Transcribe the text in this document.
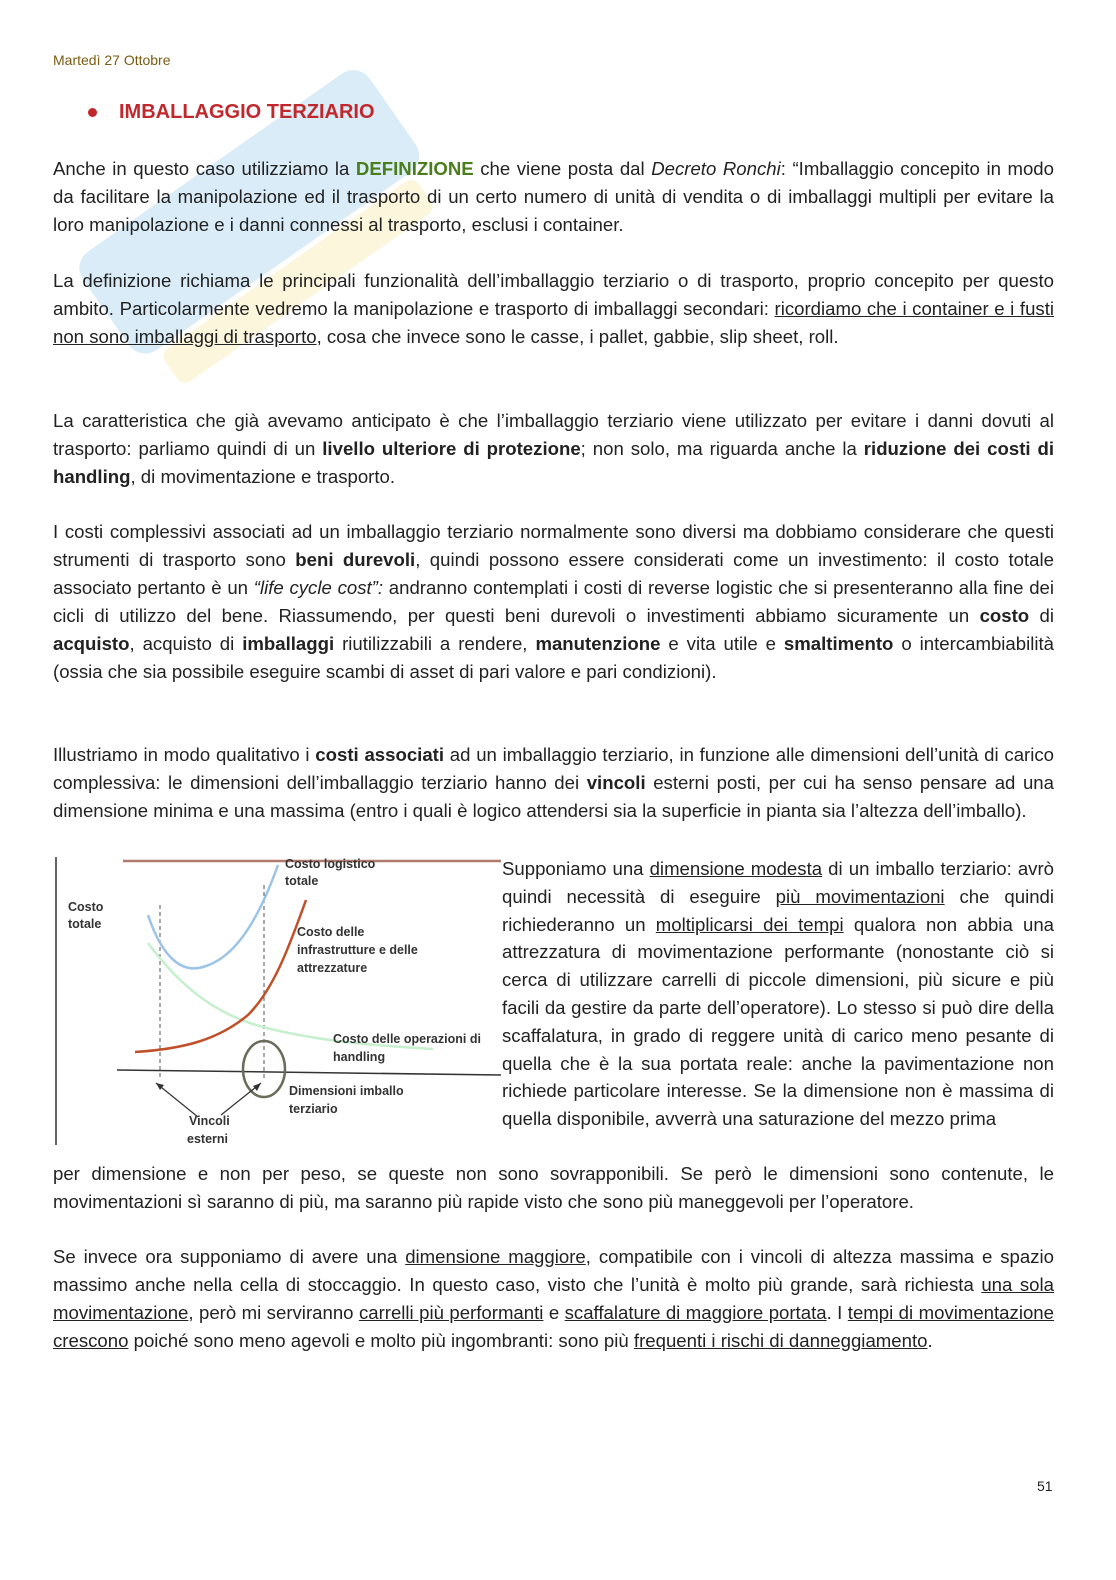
Martedì 27 Ottobre
IMBALLAGGIO TERZIARIO

Anche in questo caso utilizziamo la DEFINIZIONE che viene posta dal Decreto Ronchi: “Imballaggio concepito in modo da facilitare la manipolazione ed il trasporto di un certo numero di unità di vendita o di imballaggi multipli per evitare la loro manipolazione e i danni connessi al trasporto, esclusi i container.

La definizione richiama le principali funzionalità dell’imballaggio terziario o di trasporto, proprio concepito per questo ambito. Particolarmente vedremo la manipolazione e trasporto di imballaggi secondari: ricordiamo che i container e i fusti non sono imballaggi di trasporto, cosa che invece sono le casse, i pallet, gabbie, slip sheet, roll.

La caratteristica che già avevamo anticipato è che l’imballaggio terziario viene utilizzato per evitare i danni dovuti al trasporto: parliamo quindi di un livello ulteriore di protezione; non solo, ma riguarda anche la riduzione dei costi di handling, di movimentazione e trasporto.

I costi complessivi associati ad un imballaggio terziario normalmente sono diversi ma dobbiamo considerare che questi strumenti di trasporto sono beni durevoli, quindi possono essere considerati come un investimento: il costo totale associato pertanto è un “life cycle cost”: andranno contemplati i costi di reverse logistic che si presenteranno alla fine dei cicli di utilizzo del bene. Riassumendo, per questi beni durevoli o investimenti abbiamo sicuramente un costo di acquisto, acquisto di imballaggi riutilizzabili a rendere, manutenzione e vita utile e smaltimento o intercambiabilità (ossia che sia possibile eseguire scambi di asset di pari valore e pari condizioni).

Illustriamo in modo qualitativo i costi associati ad un imballaggio terziario, in funzione alle dimensioni dell’unità di carico complessiva: le dimensioni dell’imballaggio terziario hanno dei vincoli esterni posti, per cui ha senso pensare ad una dimensione minima e una massima (entro i quali è logico attendersi sia la superficie in pianta sia l’altezza dell’imballo).

Costo
totale
Costo logistico
totale
Costo delle
infrastrutture e delle
attrezzature
Costo delle operazioni di
handling
Dimensioni imballo
terziario
Vincoli
esterni

Supponiamo una dimensione modesta di un imballo terziario: avrò quindi necessità di eseguire più movimentazioni che quindi richiederanno un moltiplicarsi dei tempi qualora non abbia una attrezzatura di movimentazione performante (nonostante ciò si cerca di utilizzare carrelli di piccole dimensioni, più sicure e più facili da gestire da parte dell’operatore). Lo stesso si può dire della scaffalatura, in grado di reggere unità di carico meno pesante di quella che è la sua portata reale: anche la pavimentazione non richiede particolare interesse. Se la dimensione non è massima di quella disponibile, avverrà una saturazione del mezzo prima

per dimensione e non per peso, se queste non sono sovrapponibili. Se però le dimensioni sono contenute, le movimentazioni sì saranno di più, ma saranno più rapide visto che sono più maneggevoli per l’operatore.

Se invece ora supponiamo di avere una dimensione maggiore, compatibile con i vincoli di altezza massima e spazio massimo anche nella cella di stoccaggio. In questo caso, visto che l’unità è molto più grande, sarà richiesta una sola movimentazione, però mi serviranno carrelli più performanti e scaffalature di maggiore portata. I tempi di movimentazione crescono poiché sono meno agevoli e molto più ingombranti: sono più frequenti i rischi di danneggiamento.

51
